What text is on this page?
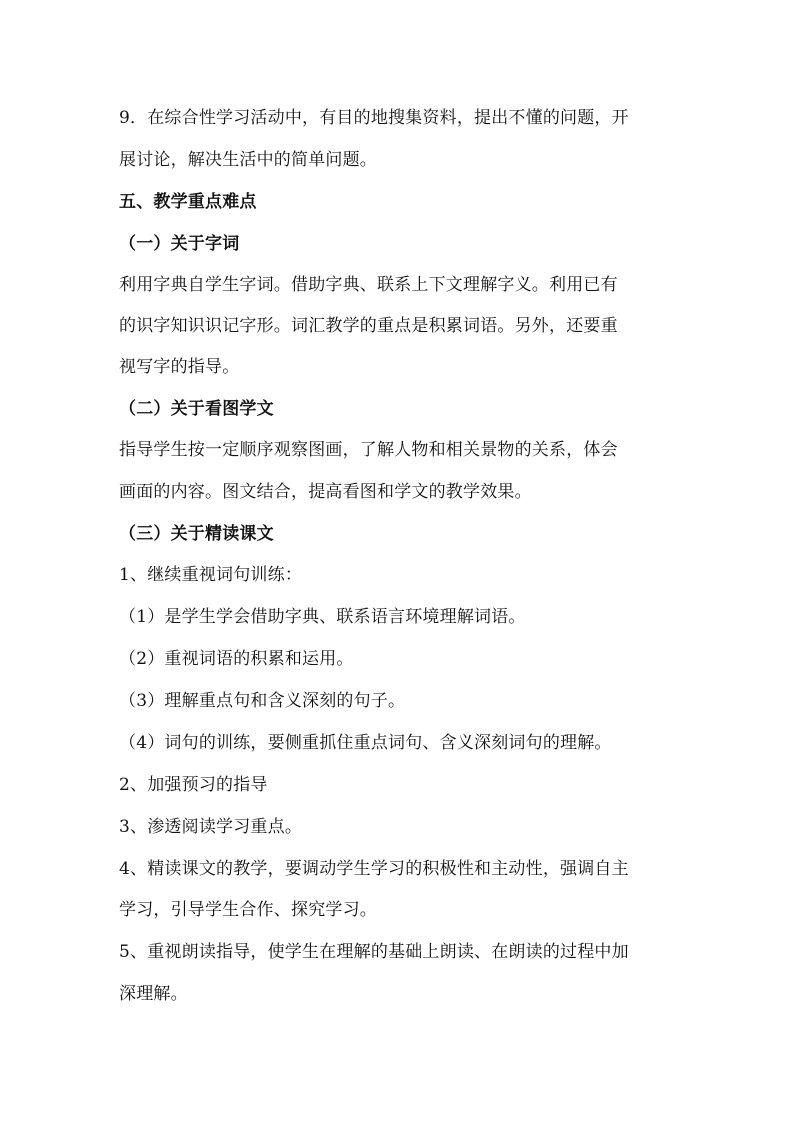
9．在综合性学习活动中，有目的地搜集资料，提出不懂的问题，开
展讨论，解决生活中的简单问题。
五、教学重点难点
（一）关于字词
利用字典自学生字词。借助字典、联系上下文理解字义。利用已有
的识字知识识记字形。词汇教学的重点是积累词语。另外，还要重
视写字的指导。
（二）关于看图学文
指导学生按一定顺序观察图画，了解人物和相关景物的关系，体会
画面的内容。图文结合，提高看图和学文的教学效果。
（三）关于精读课文
1、继续重视词句训练：
（1）是学生学会借助字典、联系语言环境理解词语。
（2）重视词语的积累和运用。
（3）理解重点句和含义深刻的句子。
（4）词句的训练，要侧重抓住重点词句、含义深刻词句的理解。
2、加强预习的指导
3、渗透阅读学习重点。
4、精读课文的教学，要调动学生学习的积极性和主动性，强调自主
学习，引导学生合作、探究学习。
5、重视朗读指导，使学生在理解的基础上朗读、在朗读的过程中加
深理解。
